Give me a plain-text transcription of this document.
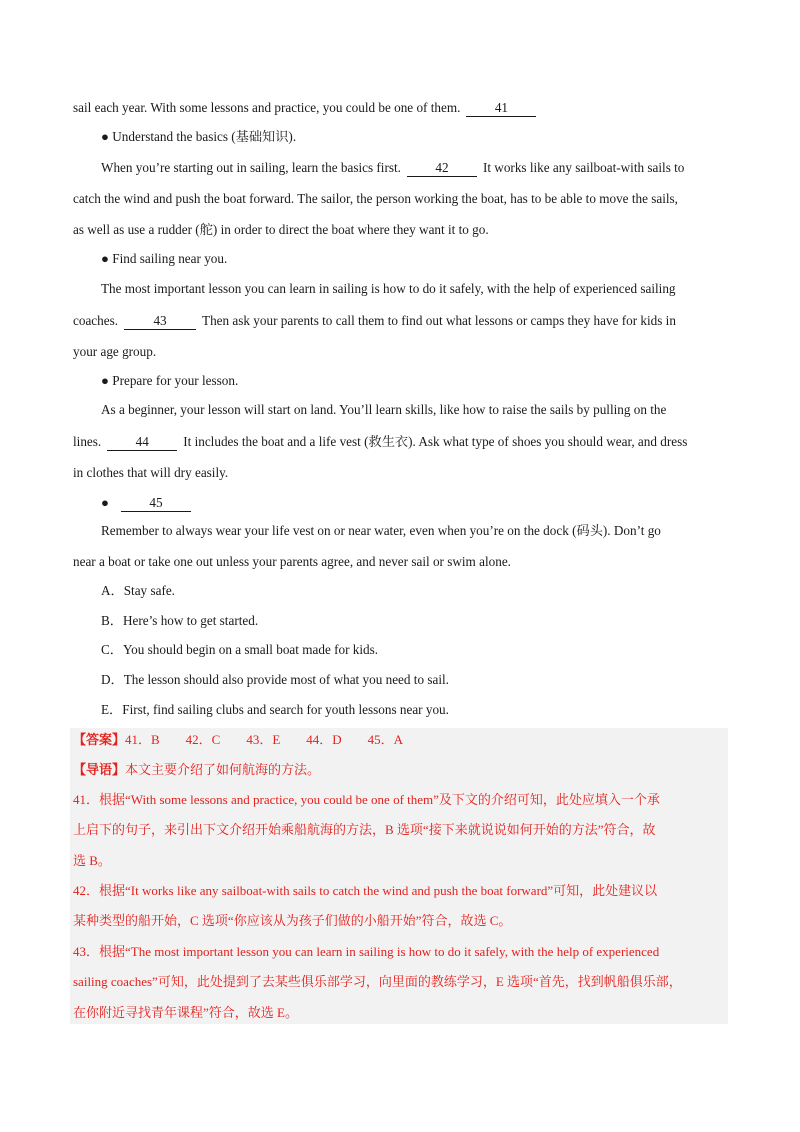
sail each year. With some lessons and practice, you could be one of them.	41
● Understand the basics (基础知识).
When you’re starting out in sailing, learn the basics first.	42	It works like any sailboat-with sails to
catch the wind and push the boat forward. The sailor, the person working the boat, has to be able to move the sails,
as well as use a rudder (舵) in order to direct the boat where they want it to go.
● Find sailing near you.
The most important lesson you can learn in sailing is how to do it safely, with the help of experienced sailing
coaches.	43	Then ask your parents to call them to find out what lessons or camps they have for kids in
your age group.
● Prepare for your lesson.
As a beginner, your lesson will start on land. You’ll learn skills, like how to raise the sails by pulling on the
lines.	44	It includes the boat and a life vest (救生衣). Ask what type of shoes you should wear, and dress
in clothes that will dry easily.
●	45
Remember to always wear your life vest on or near water, even when you’re on the dock (码头). Don’t go
near a boat or take one out unless your parents agree, and never sail or swim alone.
A．Stay safe.
B．Here’s how to get started.
C．You should begin on a small boat made for kids.
D．The lesson should also provide most of what you need to sail.
E．First, find sailing clubs and search for youth lessons near you.
【答案】41．B　　42．C　　43．E　　44．D　　45．A
【导语】本文主要介绍了如何航海的方法。
41．根据“With some lessons and practice, you could be one of them”及下文的介绍可知，此处应填入一个承
上启下的句子，来引出下文介绍开始乘船航海的方法，B 选项“接下来就说说如何开始的方法”符合，故
选 B。
42．根据“It works like any sailboat-with sails to catch the wind and push the boat forward”可知，此处建议以
某种类型的船开始，C 选项“你应该从为孩子们做的小船开始”符合，故选 C。
43．根据“The most important lesson you can learn in sailing is how to do it safely, with the help of experienced
sailing coaches”可知，此处提到了去某些俱乐部学习，向里面的教练学习，E 选项“首先，找到帆船俱乐部，
在你附近寻找青年课程”符合，故选 E。
